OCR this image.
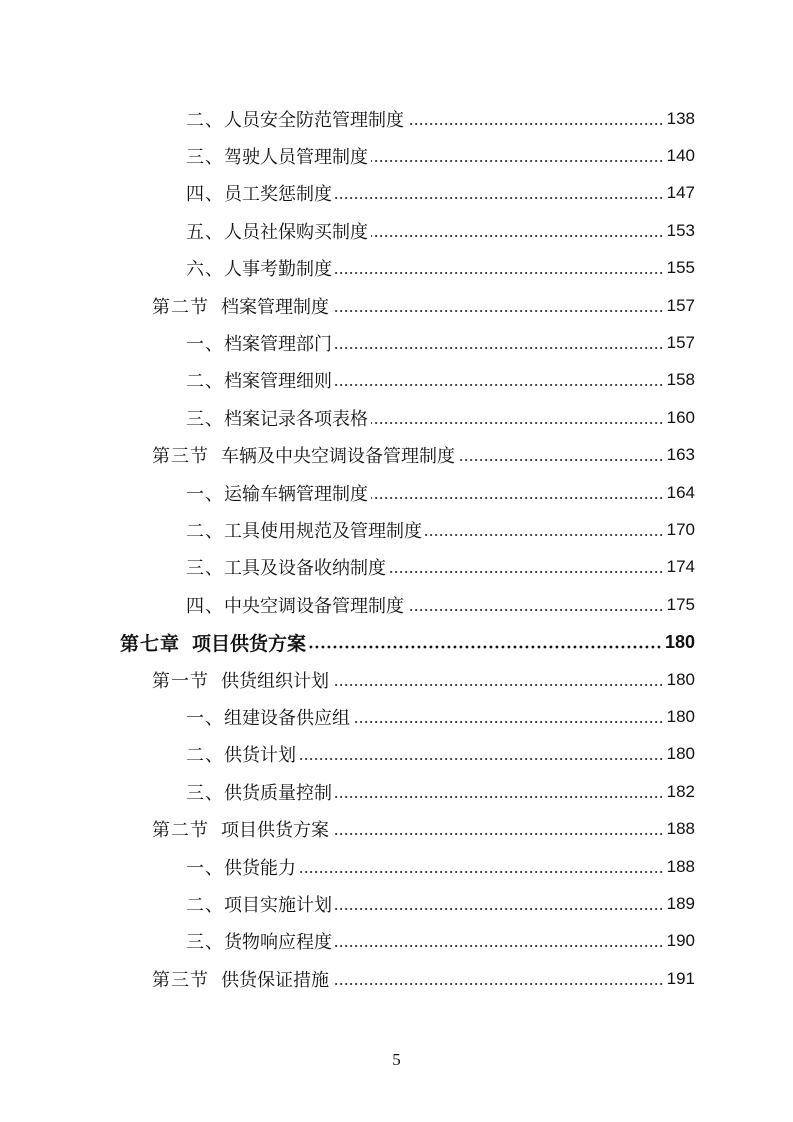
二、人员安全防范管理制度	138
三、驾驶人员管理制度	140
四、员工奖惩制度	147
五、人员社保购买制度	153
六、人事考勤制度	155
第二节 档案管理制度	157
一、档案管理部门	157
二、档案管理细则	158
三、档案记录各项表格	160
第三节 车辆及中央空调设备管理制度	163
一、运输车辆管理制度	164
二、工具使用规范及管理制度	170
三、工具及设备收纳制度	174
四、中央空调设备管理制度	175
第七章 项目供货方案	180
第一节 供货组织计划	180
一、组建设备供应组	180
二、供货计划	180
三、供货质量控制	182
第二节 项目供货方案	188
一、供货能力	188
二、项目实施计划	189
三、货物响应程度	190
第三节 供货保证措施	191
5
